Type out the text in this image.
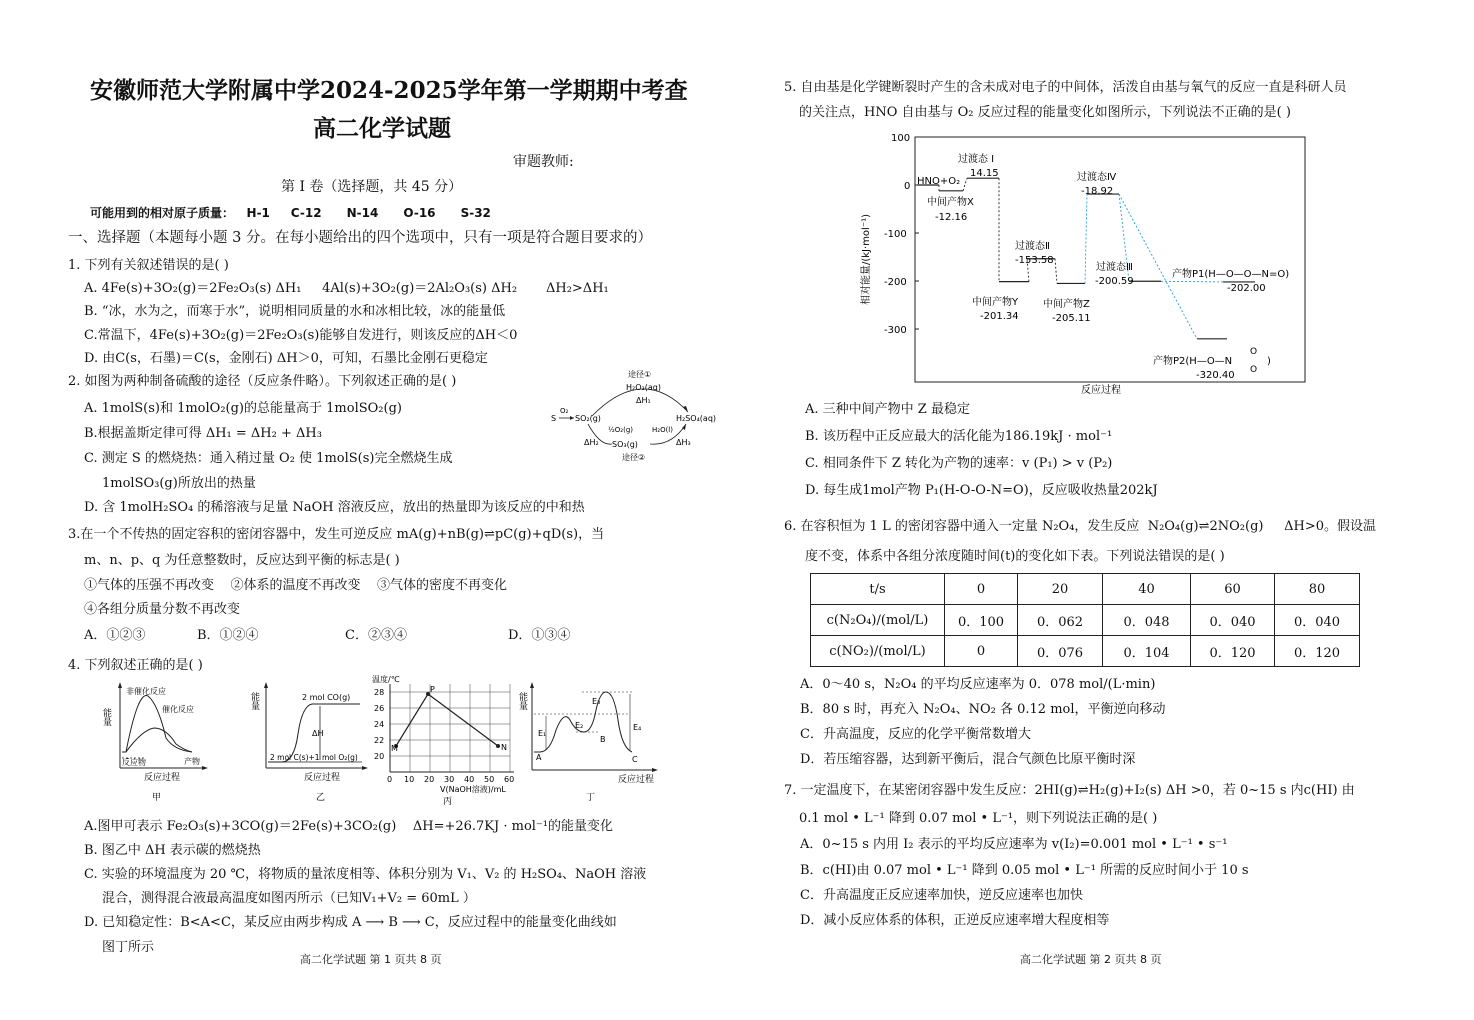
安徽师范大学附属中学2024-2025学年第一学期期中考查
高二化学试题
审题教师:
第 I 卷（选择题，共 45 分）
可能用到的相对原子质量：   H-1     C-12      N-14      O-16      S-32
一、选择题（本题每小题 3 分。在每小题给出的四个选项中，只有一项是符合题目要求的）
1. 下列有关叙述错误的是( )
A. 4Fe(s)+3O₂(g)＝2Fe₂O₃(s) ΔH₁     4Al(s)+3O₂(g)＝2Al₂O₃(s) ΔH₂       ΔH₂>ΔH₁
B. “冰，水为之，而寒于水”，说明相同质量的水和冰相比较，冰的能量低
C.常温下，4Fe(s)+3O₂(g)＝2Fe₂O₃(s)能够自发进行，则该反应的ΔH＜0
D. 由C(s，石墨)＝C(s，金刚石) ΔH＞0，可知，石墨比金刚石更稳定
2. 如图为两种制备硫酸的途径（反应条件略）。下列叙述正确的是( )
A. 1molS(s)和 1molO₂(g)的总能量高于 1molSO₂(g)
B.根据盖斯定律可得 ΔH₁ = ΔH₂ + ΔH₃
C. 测定 S 的燃烧热：通入稍过量 O₂ 使 1molS(s)完全燃烧生成
1molSO₃(g)所放出的热量
D. 含 1molH₂SO₄ 的稀溶液与足量 NaOH 溶液反应，放出的热量即为该反应的中和热
途径①
H₂O₂(aq)
ΔH₁
S
O₂
SO₂(g)	H₂SO₄(aq)
½O₂(g)	H₂O(l)
SO₃(g)
ΔH₂	ΔH₃
途径②
3.在一个不传热的固定容积的密闭容器中，发生可逆反应 mA(g)+nB(g)⇌pC(g)+qD(s)，当
m、n、p、q 为任意整数时，反应达到平衡的标志是( )
①气体的压强不再改变    ②体系的温度不再改变    ③气体的密度不再变化
④各组分质量分数不再改变
A．①②③	B．①②④	C．②③④	D．①③④
4. 下列叙述正确的是( )
能量
非催化反应
催化反应
反应物	产物
反应过程
甲
能量	2 mol CO(g)
ΔH
2 mol C(s)+1 mol O₂(g)
反应过程
乙
温度/℃
28
26
24
22
20
0 10 20 30 40 50 60
M
P
N
V(NaOH溶液)/mL
丙
能量
E₁
E₂
E₃
E₄
A
B
C
反应过程
丁
A.图甲可表示 Fe₂O₃(s)+3CO(g)＝2Fe(s)+3CO₂(g)    ΔH=+26.7KJ · mol⁻¹的能量变化
B. 图乙中 ΔH 表示碳的燃烧热
C. 实验的环境温度为 20 ℃，将物质的量浓度相等、体积分别为 V₁、V₂ 的 H₂SO₄、NaOH 溶液
混合，测得混合液最高温度如图丙所示（已知V₁+V₂ = 60mL ）
D. 已知稳定性：B<A<C，某反应由两步构成 A ⟶ B ⟶ C，反应过程中的能量变化曲线如
图丁所示
高二化学试题 第 1 页共 8 页
5. 自由基是化学键断裂时产生的含未成对电子的中间体，活泼自由基与氧气的反应一直是科研人员
的关注点，HNO 自由基与 O₂ 反应过程的能量变化如图所示，下列说法不正确的是( )
相对能量/(kJ·mol⁻¹)
100
0
-100
-200
-300
HNO+O₂
过渡态 I
14.15
中间产物X
-12.16
过渡态Ⅳ
-18.92
过渡态Ⅱ
-153.58
过渡态Ⅲ
-200.59
产物P1(H—O—O—N=O)
-202.00
中间产物Y
-201.34
中间产物Z
-205.11
产物P2(H—O—N
O
O
)
-320.40
反应过程
A. 三种中间产物中 Z 最稳定
B. 该历程中正反应最大的活化能为186.19kJ · mol⁻¹
C. 相同条件下 Z 转化为产物的速率：v (P₁) > v (P₂)
D. 每生成1mol产物 P₁(H-O-O-N=O)，反应吸收热量202kJ
6. 在容积恒为 1 L 的密闭容器中通入一定量 N₂O₄，发生反应  N₂O₄(g)⇌2NO₂(g)     ΔH>0。假设温
度不变，体系中各组分浓度随时间(t)的变化如下表。下列说法错误的是( )
t/s	0	20	40	60	80
c(N₂O₄)/(mol/L)	0．100	0．062	0．048	0．040	0．040
c(NO₂)/(mol/L)	0	0．076	0．104	0．120	0．120
A．0～40 s，N₂O₄ 的平均反应速率为 0．078 mol/(L·min)
B．80 s 时，再充入 N₂O₄、NO₂ 各 0.12 mol，平衡逆向移动
C．升高温度，反应的化学平衡常数增大
D．若压缩容器，达到新平衡后，混合气颜色比原平衡时深
7. 一定温度下，在某密闭容器中发生反应：2HI(g)⇌H₂(g)+I₂(s) ΔH >0，若 0~15 s 内c(HI) 由
0.1 mol • L⁻¹ 降到 0.07 mol • L⁻¹，则下列说法正确的是( )
A．0~15 s 内用 I₂ 表示的平均反应速率为 v(I₂)=0.001 mol • L⁻¹ • s⁻¹
B．c(HI)由 0.07 mol • L⁻¹ 降到 0.05 mol • L⁻¹ 所需的反应时间小于 10 s
C．升高温度正反应速率加快，逆反应速率也加快
D．减小反应体系的体积，正逆反应速率增大程度相等
高二化学试题 第 2 页共 8 页
